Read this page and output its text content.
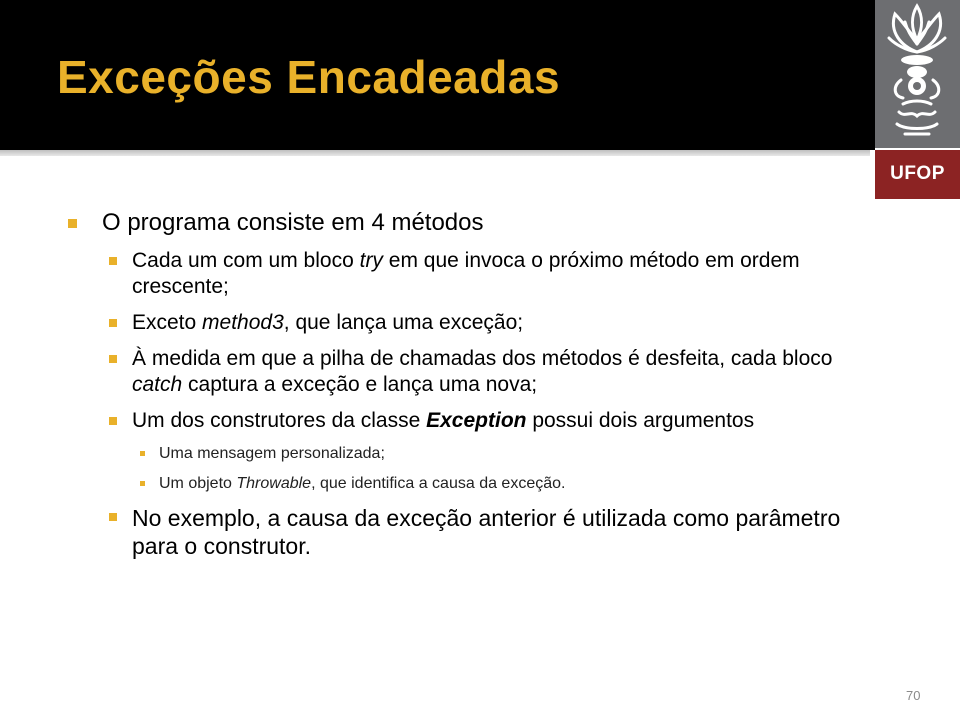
Exceções Encadeadas
UFOP
O programa consiste em 4 métodos
Cada um com um bloco try em que invoca o próximo método em ordem crescente;
Exceto method3, que lança uma exceção;
À medida em que a pilha de chamadas dos métodos é desfeita, cada bloco catch captura a exceção e lança uma nova;
Um dos construtores da classe Exception possui dois argumentos
Uma mensagem personalizada;
Um objeto Throwable, que identifica a causa da exceção.
No exemplo, a causa da exceção anterior é utilizada como parâmetro para o construtor.
70
